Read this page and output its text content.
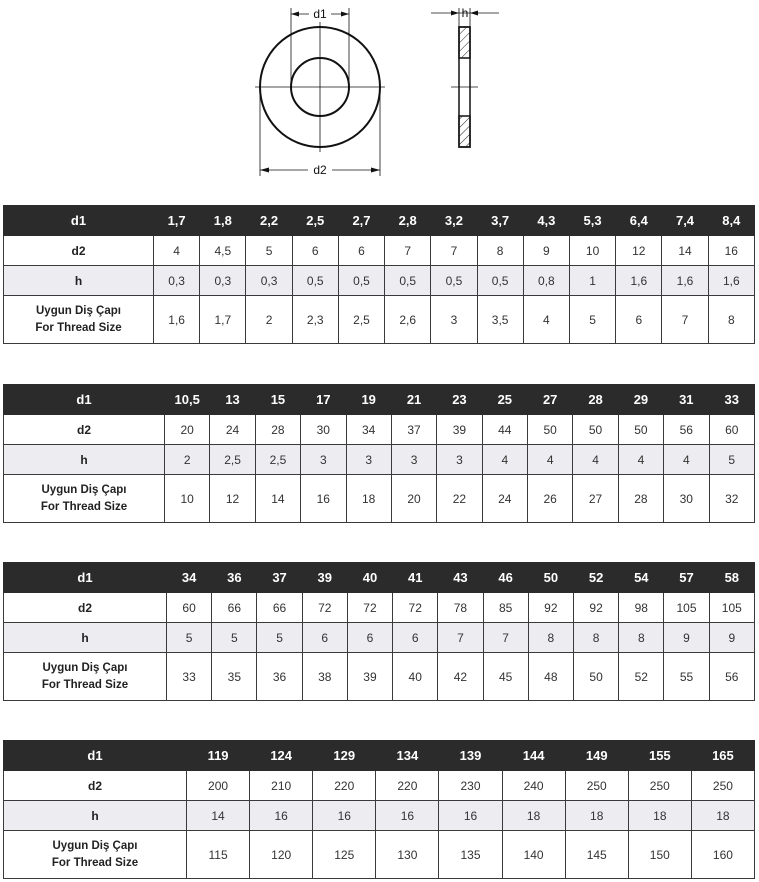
d1
d2
h
d1	1,7	1,8	2,2	2,5	2,7	2,8	3,2	3,7	4,3	5,3	6,4	7,4	8,4
d2	4	4,5	5	6	6	7	7	8	9	10	12	14	16
h	0,3	0,3	0,3	0,5	0,5	0,5	0,5	0,5	0,8	1	1,6	1,6	1,6
Uygun Diş Çapı
For Thread Size	1,6	1,7	2	2,3	2,5	2,6	3	3,5	4	5	6	7	8
d1	10,5	13	15	17	19	21	23	25	27	28	29	31	33
d2	20	24	28	30	34	37	39	44	50	50	50	56	60
h	2	2,5	2,5	3	3	3	3	4	4	4	4	4	5
Uygun Diş Çapı
For Thread Size	10	12	14	16	18	20	22	24	26	27	28	30	32
d1	34	36	37	39	40	41	43	46	50	52	54	57	58
d2	60	66	66	72	72	72	78	85	92	92	98	105	105
h	5	5	5	6	6	6	7	7	8	8	8	9	9
Uygun Diş Çapı
For Thread Size	33	35	36	38	39	40	42	45	48	50	52	55	56
d1	119	124	129	134	139	144	149	155	165
d2	200	210	220	220	230	240	250	250	250
h	14	16	16	16	16	18	18	18	18
Uygun Diş Çapı
For Thread Size	115	120	125	130	135	140	145	150	160
